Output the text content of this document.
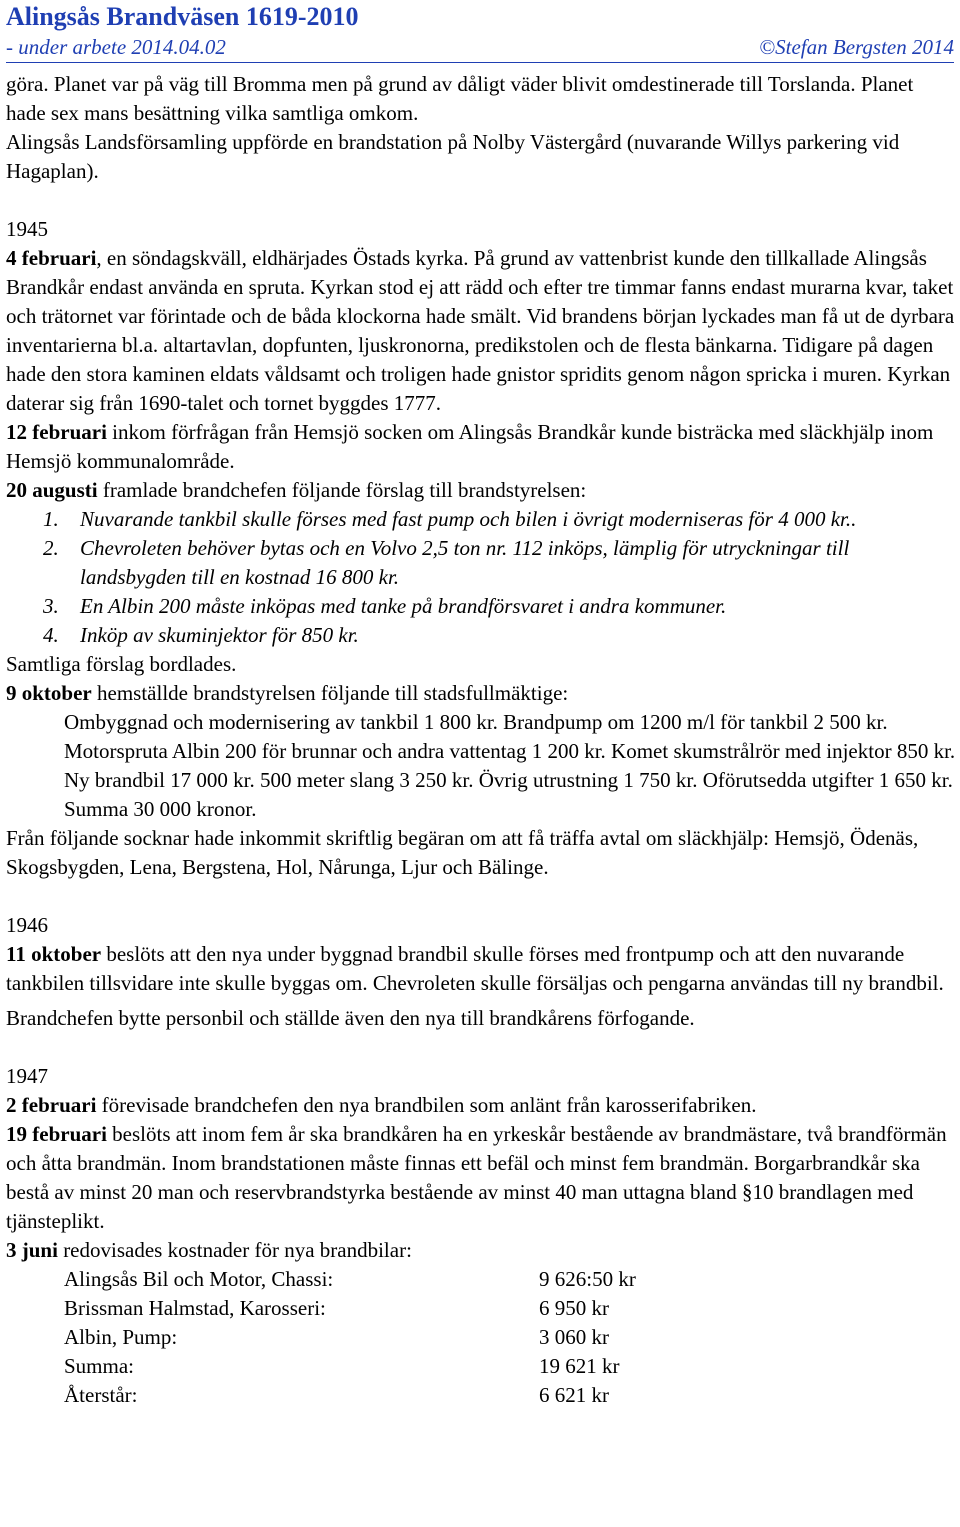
Alingsås Brandväsen 1619-2010
- under arbete 2014.04.02	©Stefan Bergsten 2014

göra. Planet var på väg till Bromma men på grund av dåligt väder blivit omdestinerade till Torslanda. Planet hade sex mans besättning vilka samtliga omkom.

Alingsås Landsförsamling uppförde en brandstation på Nolby Västergård (nuvarande Willys parkering vid Hagaplan).

1945

4 februari, en söndagskväll, eldhärjades Östads kyrka. På grund av vattenbrist kunde den tillkallade Alingsås Brandkår endast använda en spruta. Kyrkan stod ej att rädd och efter tre timmar fanns endast murarna kvar, taket och trätornet var förintade och de båda klockorna hade smält. Vid brandens början lyckades man få ut de dyrbara inventarierna bl.a. altartavlan, dopfunten, ljuskronorna, predikstolen och de flesta bänkarna. Tidigare på dagen hade den stora kaminen eldats våldsamt och troligen hade gnistor spridits genom någon spricka i muren. Kyrkan daterar sig från 1690-talet och tornet byggdes 1777.

12 februari inkom förfrågan från Hemsjö socken om Alingsås Brandkår kunde bisträcka med släckhjälp inom Hemsjö kommunalområde.

20 augusti framlade brandchefen följande förslag till brandstyrelsen:

1.	Nuvarande tankbil skulle förses med fast pump och bilen i övrigt moderniseras för 4 000 kr..
2.	Chevroleten behöver bytas och en Volvo 2,5 ton nr. 112 inköps, lämplig för utryckningar till landsbygden till en kostnad 16 800 kr.
3.	En Albin 200 måste inköpas med tanke på brandförsvaret i andra kommuner.
4.	Inköp av skuminjektor för 850 kr.

Samtliga förslag bordlades.

9 oktober hemställde brandstyrelsen följande till stadsfullmäktige:

Ombyggnad och modernisering av tankbil 1 800 kr. Brandpump om 1200 m/l för tankbil 2 500 kr. Motorspruta Albin 200 för brunnar och andra vattentag 1 200 kr. Komet skumstrålrör med injektor 850 kr. Ny brandbil 17 000 kr. 500 meter slang 3 250 kr. Övrig utrustning 1 750 kr. Oförutsedda utgifter 1 650 kr. Summa 30 000 kronor.

Från följande socknar hade inkommit skriftlig begäran om att få träffa avtal om släckhjälp: Hemsjö, Ödenäs, Skogsbygden, Lena, Bergstena, Hol, Nårunga, Ljur och Bälinge.

1946

11 oktober beslöts att den nya under byggnad brandbil skulle förses med frontpump och att den nuvarande tankbilen tillsvidare inte skulle byggas om. Chevroleten skulle försäljas och pengarna användas till ny brandbil.

Brandchefen bytte personbil och ställde även den nya till brandkårens förfogande.

1947

2 februari förevisade brandchefen den nya brandbilen som anlänt från karosserifabriken.

19 februari beslöts att inom fem år ska brandkåren ha en yrkeskår bestående av brandmästare, två brandförmän och åtta brandmän. Inom brandstationen måste finnas ett befäl och minst fem brandmän. Borgarbrandkår ska bestå av minst 20 man och reservbrandstyrka bestående av minst 40 man uttagna bland §10 brandlagen med tjänsteplikt.

3 juni redovisades kostnader för nya brandbilar:

Alingsås Bil och Motor, Chassi:	9 626:50 kr
Brissman Halmstad, Karosseri:	6 950 kr
Albin, Pump:	3 060 kr
Summa:	19 621 kr
Återstår:	6 621 kr
